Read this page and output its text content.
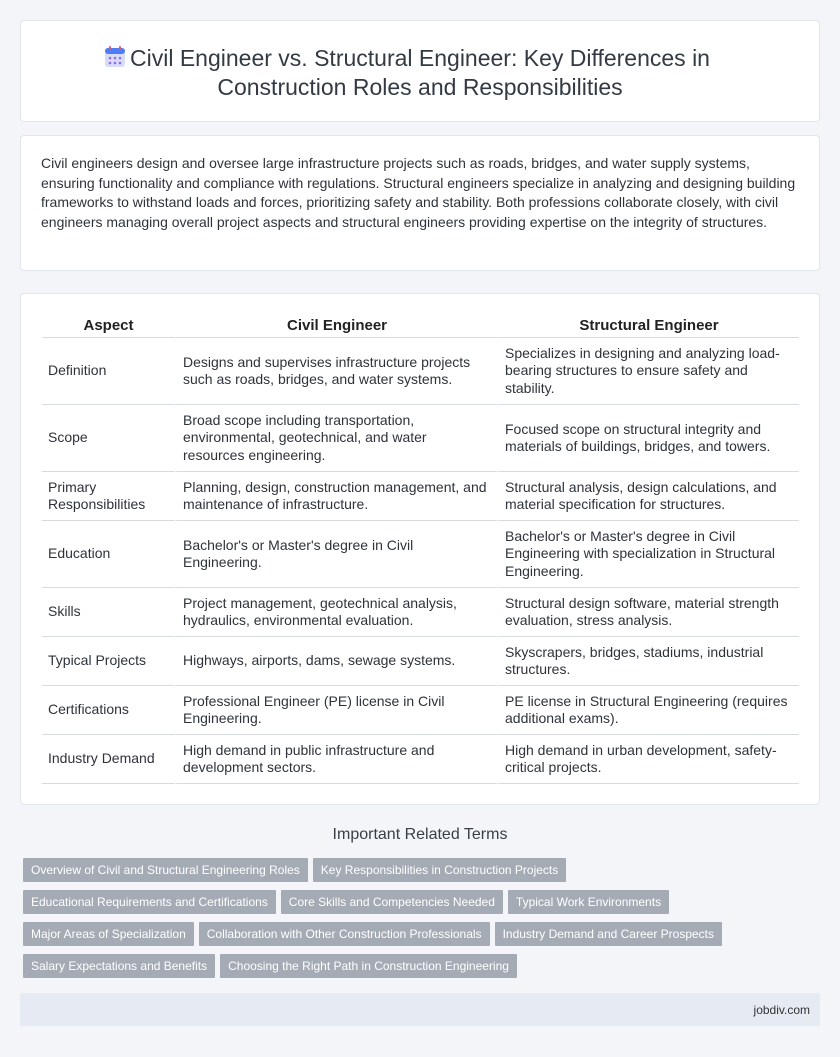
Civil Engineer vs. Structural Engineer: Key Differences in Construction Roles and Responsibilities

Civil engineers design and oversee large infrastructure projects such as roads, bridges, and water supply systems, ensuring functionality and compliance with regulations. Structural engineers specialize in analyzing and designing building frameworks to withstand loads and forces, prioritizing safety and stability. Both professions collaborate closely, with civil engineers managing overall project aspects and structural engineers providing expertise on the integrity of structures.

Aspect	Civil Engineer	Structural Engineer
Definition	Designs and supervises infrastructure projects such as roads, bridges, and water systems.	Specializes in designing and analyzing load-bearing structures to ensure safety and stability.
Scope	Broad scope including transportation, environmental, geotechnical, and water resources engineering.	Focused scope on structural integrity and materials of buildings, bridges, and towers.
Primary Responsibilities	Planning, design, construction management, and maintenance of infrastructure.	Structural analysis, design calculations, and material specification for structures.
Education	Bachelor's or Master's degree in Civil Engineering.	Bachelor's or Master's degree in Civil Engineering with specialization in Structural Engineering.
Skills	Project management, geotechnical analysis, hydraulics, environmental evaluation.	Structural design software, material strength evaluation, stress analysis.
Typical Projects	Highways, airports, dams, sewage systems.	Skyscrapers, bridges, stadiums, industrial structures.
Certifications	Professional Engineer (PE) license in Civil Engineering.	PE license in Structural Engineering (requires additional exams).
Industry Demand	High demand in public infrastructure and development sectors.	High demand in urban development, safety-critical projects.
Important Related Terms
Overview of Civil and Structural Engineering Roles Key Responsibilities in Construction Projects
Educational Requirements and Certifications Core Skills and Competencies Needed Typical Work Environments
Major Areas of Specialization Collaboration with Other Construction Professionals Industry Demand and Career Prospects
Salary Expectations and Benefits Choosing the Right Path in Construction Engineering
jobdiv.com
